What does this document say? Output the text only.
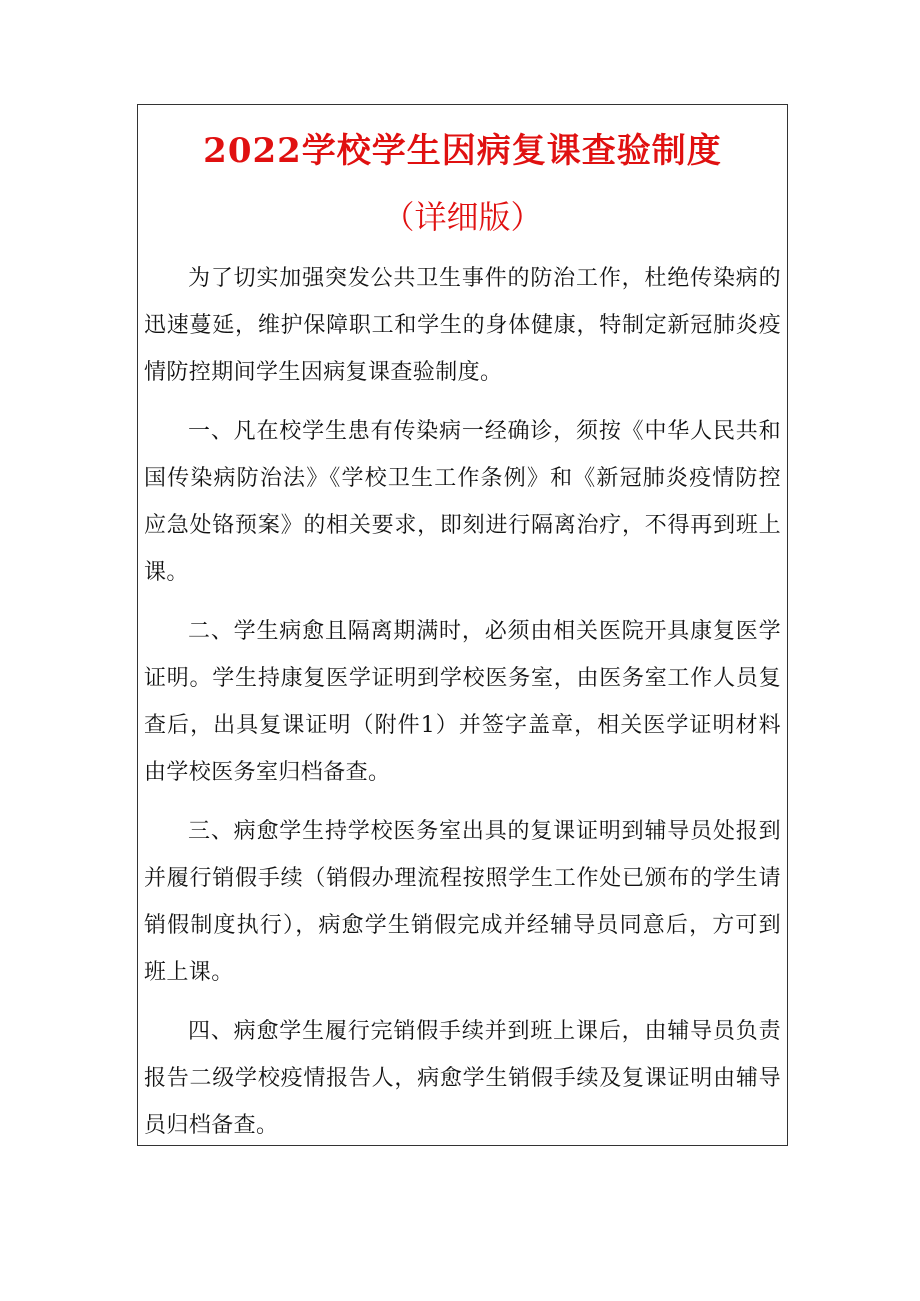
2022学校学生因病复课查验制度
（详细版）

为了切实加强突发公共卫生事件的防治工作，杜绝传染病的迅速蔓延，维护保障职工和学生的身体健康，特制定新冠肺炎疫情防控期间学生因病复课查验制度。

一、凡在校学生患有传染病一经确诊，须按《中华人民共和国传染病防治法》《学校卫生工作条例》和《新冠肺炎疫情防控应急处铬预案》的相关要求，即刻进行隔离治疗，不得再到班上课。

二、学生病愈且隔离期满时，必须由相关医院开具康复医学证明。学生持康复医学证明到学校医务室，由医务室工作人员复查后，出具复课证明（附件1）并签字盖章，相关医学证明材料由学校医务室归档备查。

三、病愈学生持学校医务室出具的复课证明到辅导员处报到并履行销假手续（销假办理流程按照学生工作处已颁布的学生请销假制度执行），病愈学生销假完成并经辅导员同意后，方可到班上课。

四、病愈学生履行完销假手续并到班上课后，由辅导员负责报告二级学校疫情报告人，病愈学生销假手续及复课证明由辅导员归档备查。
